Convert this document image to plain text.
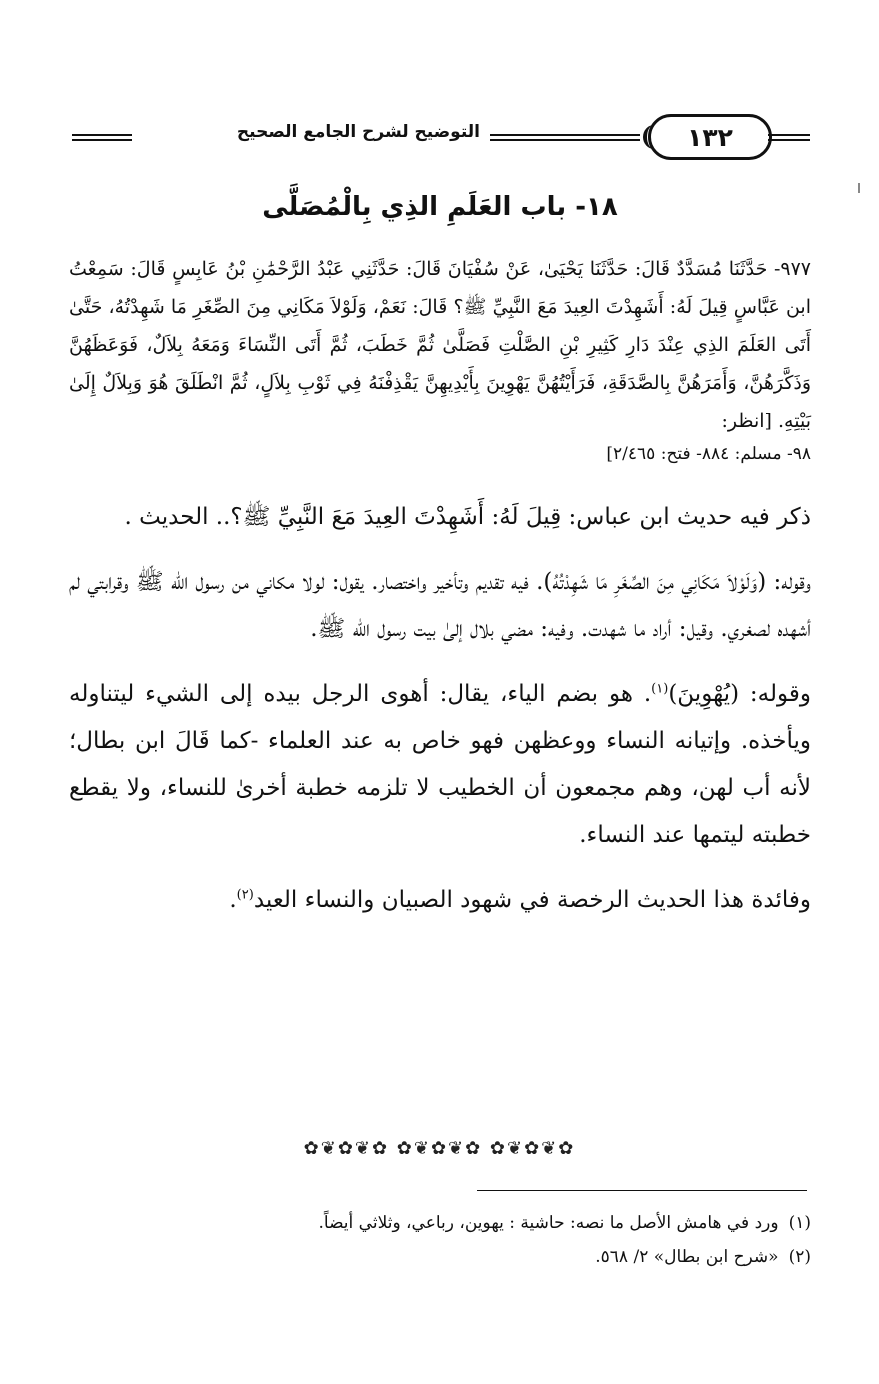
١٣٢
التوضيح لشرح الجامع الصحيح
١٨- باب العَلَمِ الذِي بِالْمُصَلَّى

٩٧٧- حَدَّثَنَا مُسَدَّدٌ قَالَ: حَدَّثَنَا يَحْيَىٰ، عَنْ سُفْيَانَ قَالَ: حَدَّثَنِي عَبْدُ الرَّحْمَٰنِ بْنُ عَابِسٍ قَالَ: سَمِعْتُ ابن عَبَّاسٍ قِيلَ لَهُ: أَشَهِدْتَ العِيدَ مَعَ النَّبِيِّ ﷺ؟ قَالَ: نَعَمْ، وَلَوْلاَ مَكَانِي مِنَ الصِّغَرِ مَا شَهِدْتُهُ، حَتَّىٰ أَتَى العَلَمَ الذِي عِنْدَ دَارِ كَثِيرِ بْنِ الصَّلْتِ فَصَلَّىٰ ثُمَّ خَطَبَ، ثُمَّ أَتَى النِّسَاءَ وَمَعَهُ بِلاَلٌ، فَوَعَظَهُنَّ وَذَكَّرَهُنَّ، وَأَمَرَهُنَّ بِالصَّدَقَةِ، فَرَأَيْتُهُنَّ يَهْوِينَ بِأَيْدِيهِنَّ يَقْذِفْنَهُ فِي ثَوْبِ بِلاَلٍ، ثُمَّ انْطَلَقَ هُوَ وَبِلاَلٌ إِلَىٰ بَيْتِهِ. [انظر:

٩٨- مسلم: ٨٨٤- فتح: ٢/٤٦٥]

ذكر فيه حديث ابن عباس: قِيلَ لَهُ: أَشَهِدْتَ العِيدَ مَعَ النَّبِيِّ ﷺ؟.. الحديث .

وقوله: (وَلَوْلاَ مَكَانِي مِنَ الصِّغَرِ مَا شَهِدْتُهُ). فيه تقديم وتأخير واختصار. يقول: لولا مكاني من رسول الله ﷺ وقرابتي لم أشهده لصغري. وقيل: أراد ما شهدت. وفيه: مضي بلال إلىٰ بيت رسول الله ﷺ.

وقوله: (يُهْوِينَ)$^{(١)}$. هو بضم الياء، يقال: أهوى الرجل بيده إلى الشيء ليتناوله ويأخذه. وإتيانه النساء ووعظهن فهو خاص به عند العلماء -كما قَالَ ابن بطال؛ لأنه أب لهن، وهم مجمعون أن الخطيب لا تلزمه خطبة أخرىٰ للنساء، ولا يقطع خطبته ليتمها عند النساء.

وفائدة هذا الحديث الرخصة في شهود الصبيان والنساء العيد$^{(٢)}$.

✿❦✿❦✿ ✿❦✿❦✿ ✿❦✿❦✿
(١)
ورد في هامش الأصل ما نصه: حاشية : يهوين، رباعي، وثلاثي أيضاً.
(٢)
«شرح ابن بطال» ٢/ ٥٦٨.
